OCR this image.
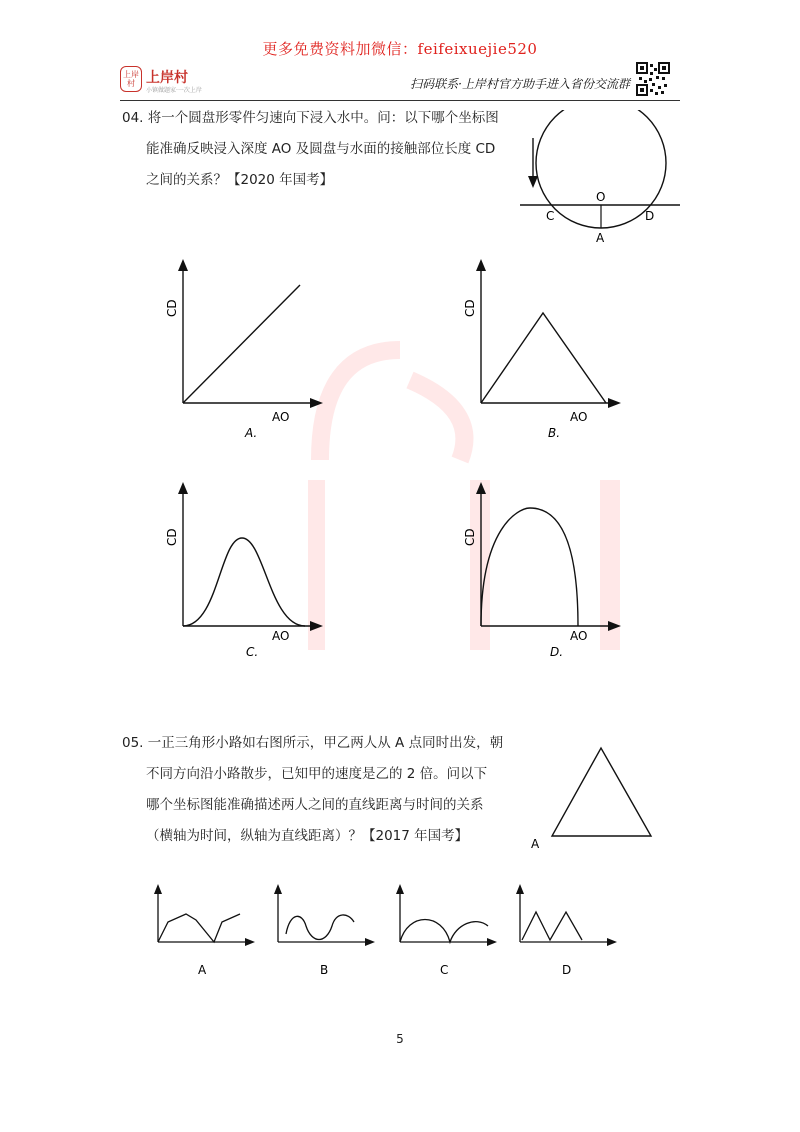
更多免费资料加微信：feifeixuejie520
上岸村 上岸村
小镇做题家·一次上岸	扫码联系·上岸村官方助手进入省份交流群
04. 将一个圆盘形零件匀速向下浸入水中。问：以下哪个坐标图
能准确反映浸入深度 AO 及圆盘与水面的接触部位长度 CD
之间的关系？【2020 年国考】
O
C	D
A
CD
AO
A.
CD
AO
B.
CD
AO
C.
CD
AO
D.
05. 一正三角形小路如右图所示，甲乙两人从 A 点同时出发，朝
不同方向沿小路散步，已知甲的速度是乙的 2 倍。问以下
哪个坐标图能准确描述两人之间的直线距离与时间的关系
（横轴为时间，纵轴为直线距离）？【2017 年国考】	A
A	B	C	D
5
